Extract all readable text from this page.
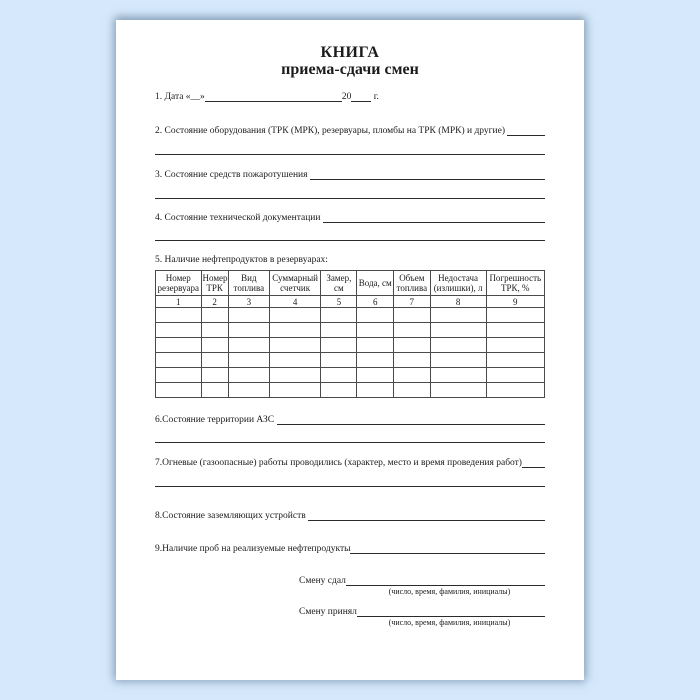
КНИГА
приема-сдачи смен
1. Дата «__»	20 г.
2. Состояние оборудования (ТРК (МРК), резервуары, пломбы на ТРК (МРК) и другие)
3. Состояние средств пожаротушения
4. Состояние технической документации
5. Наличие нефтепродуктов в резервуарах:
Номер резервуара	Номер ТРК	Вид топлива	Суммарный счетчик	Замер, см	Вода, см	Объем топлива	Недостача (излишки), л	Погрешность ТРК, %
1	2	3	4	5	6	7	8	9

6.Состояние территории АЗС
7.Огневые (газоопасные) работы проводились (характер, место и время проведения работ)
8.Состояние заземляющих устройств
9.Наличие проб на реализуемые нефтепродукты
Смену сдал
(число, время, фамилия, инициалы)
Смену принял
(число, время, фамилия, инициалы)
